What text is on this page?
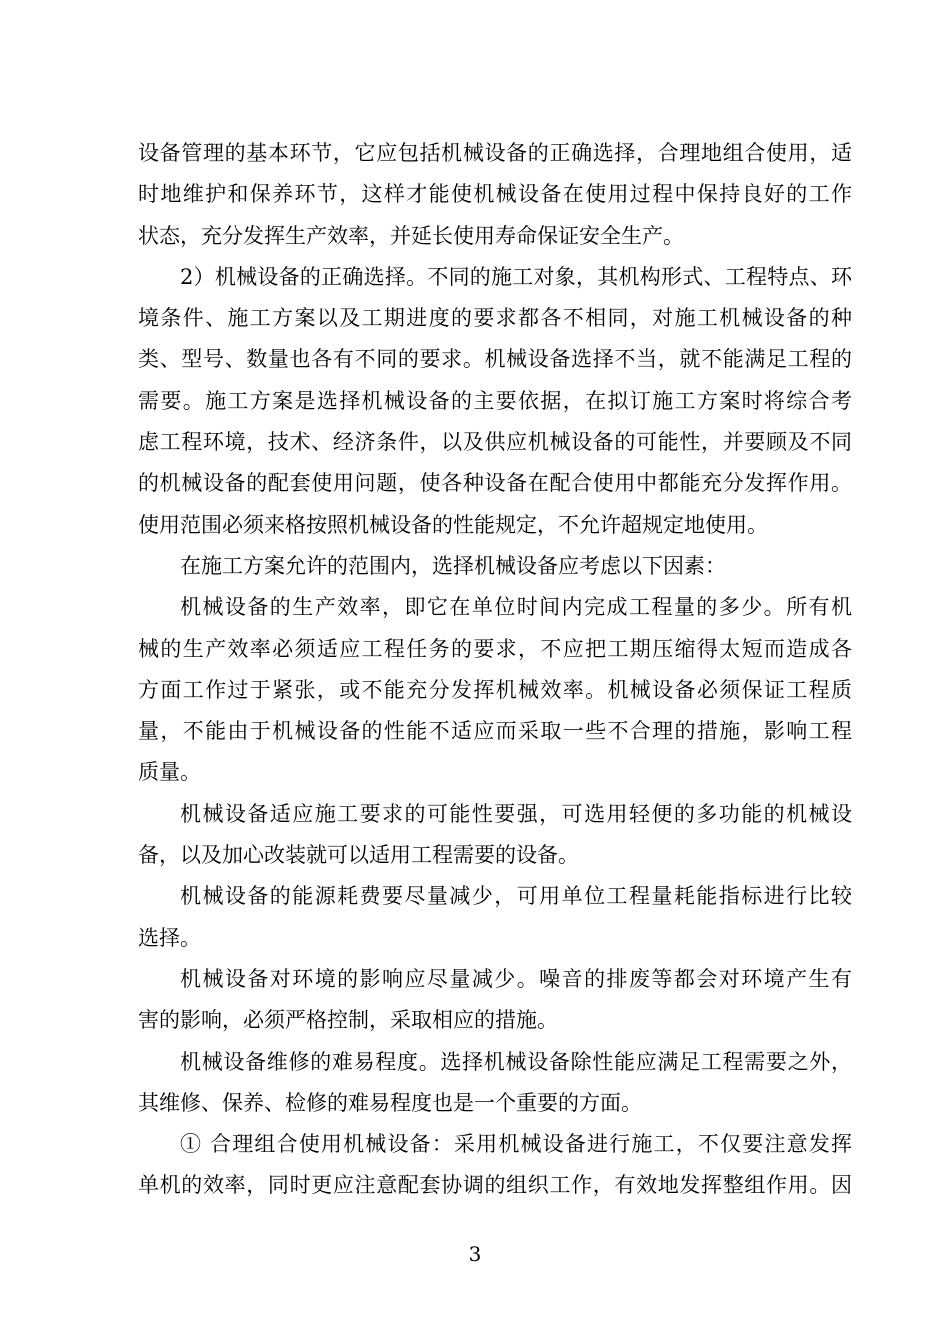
设备管理的基本环节，它应包括机械设备的正确选择，合理地组合使用，适
时地维护和保养环节，这样才能使机械设备在使用过程中保持良好的工作
状态，充分发挥生产效率，并延长使用寿命保证安全生产。
2）机械设备的正确选择。不同的施工对象，其机构形式、工程特点、环
境条件、施工方案以及工期进度的要求都各不相同，对施工机械设备的种
类、型号、数量也各有不同的要求。机械设备选择不当，就不能满足工程的
需要。施工方案是选择机械设备的主要依据，在拟订施工方案时将综合考
虑工程环境，技术、经济条件，以及供应机械设备的可能性，并要顾及不同
的机械设备的配套使用问题，使各种设备在配合使用中都能充分发挥作用。
使用范围必须来格按照机械设备的性能规定，不允许超规定地使用。
在施工方案允许的范围内，选择机械设备应考虑以下因素：
机械设备的生产效率，即它在单位时间内完成工程量的多少。所有机
械的生产效率必须适应工程任务的要求，不应把工期压缩得太短而造成各
方面工作过于紧张，或不能充分发挥机械效率。机械设备必须保证工程质
量，不能由于机械设备的性能不适应而采取一些不合理的措施，影响工程
质量。
机械设备适应施工要求的可能性要强，可选用轻便的多功能的机械设
备，以及加心改装就可以适用工程需要的设备。
机械设备的能源耗费要尽量减少，可用单位工程量耗能指标进行比较
选择。
机械设备对环境的影响应尽量减少。噪音的排废等都会对环境产生有
害的影响，必须严格控制，采取相应的措施。
机械设备维修的难易程度。选择机械设备除性能应满足工程需要之外，
其维修、保养、检修的难易程度也是一个重要的方面。
① 合理组合使用机械设备：采用机械设备进行施工，不仅要注意发挥
单机的效率，同时更应注意配套协调的组织工作，有效地发挥整组作用。因
3
